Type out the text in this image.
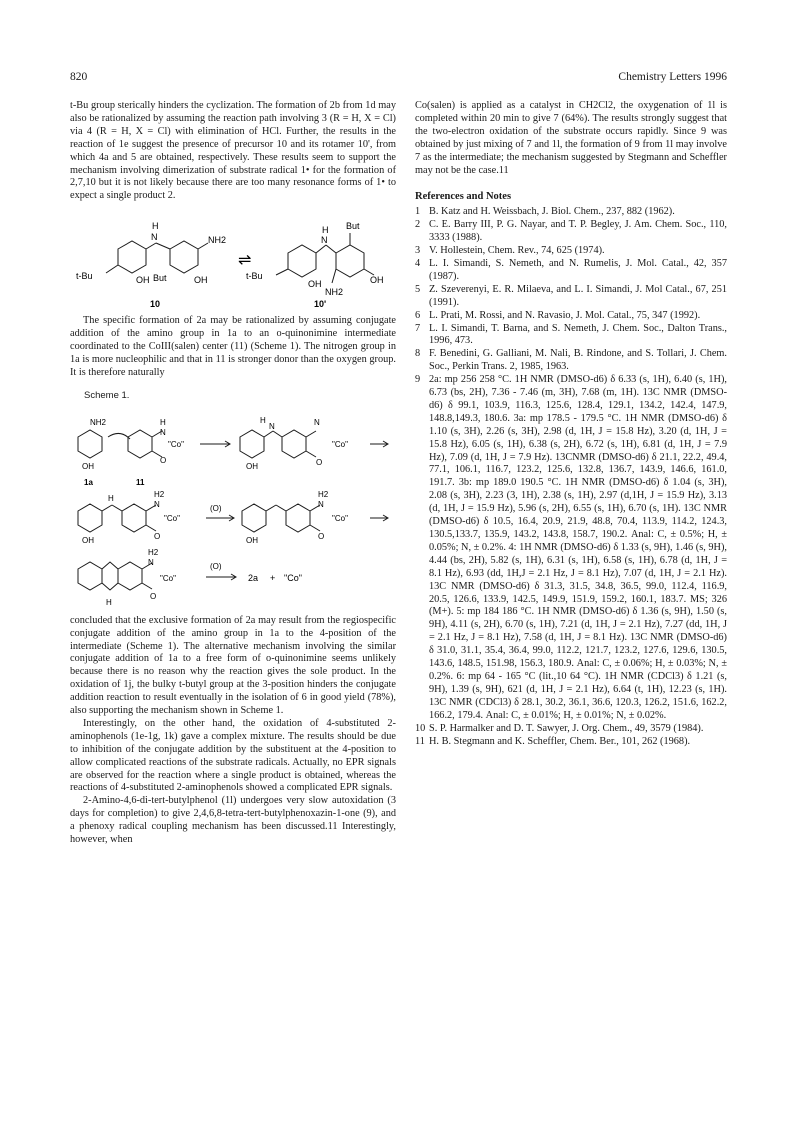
820	Chemistry Letters 1996

t-Bu group sterically hinders the cyclization. The formation of 2b from 1d may also be rationalized by assuming the reaction path involving 3 (R = H, X = Cl) via 4 (R = H, X = Cl) with elimination of HCl. Further, the results in the reaction of 1e suggest the presence of precursor 10 and its rotamer 10', from which 4a and 5 are obtained, respectively. These results seem to support the mechanism involving dimerization of substrate radical 1• for the formation of 2,7,10 but it is not likely because there are too many resonance forms of 1• to expect a single product 2.

H
N	NH2
t-Bu	OH But	OH
⇌
H
N
But
t-Bu
OH	OH
NH2
10	10'

The specific formation of 2a may be rationalized by assuming conjugate addition of the amino group in 1a to an o-quinonimine intermediate coordinated to the CoIII(salen) center (11) (Scheme 1). The nitrogen group in 1a is more nucleophilic and that in 11 is stronger donor than the oxygen group. It is therefore naturally

Scheme 1.
NH2
OH
H
N
"Co"
O
1a	11
H
N	N
"Co"
OH	O
H	H2
N
"Co"
OH	O
(O)
H2
N
"Co"
OH	O
H2
N
"Co"
O
H
(O)
2a + "Co"

concluded that the exclusive formation of 2a may result from the regiospecific conjugate addition of the amino group in 1a to the 4-position of the intermediate (Scheme 1). The alternative mechanism involving the similar conjugate addition of 1a to a free form of o-quinonimine seems unlikely because there is no reason why the reaction gives the sole product. In the oxidation of 1j, the bulky t-butyl group at the 3-position hinders the conjugate addition reaction to result eventually in the isolation of 6 in good yield (78%), also supporting the mechanism shown in Scheme 1.

Interestingly, on the other hand, the oxidation of 4-substituted 2-aminophenols (1e-1g, 1k) gave a complex mixture. The results should be due to inhibition of the conjugate addition by the substituent at the 4-position to allow complicated reactions of the substrate radicals. Actually, no EPR signals are observed for the reaction where a single product is obtained, whereas the reactions of 4-substituted 2-aminophenols showed a complicated EPR signals.

2-Amino-4,6-di-tert-butylphenol (1l) undergoes very slow autoxidation (3 days for completion) to give 2,4,6,8-tetra-tert-butylphenoxazin-1-one (9), and a phenoxy radical coupling mechanism has been discussed.11 Interestingly, however, when

Co(salen) is applied as a catalyst in CH2Cl2, the oxygenation of 1l is completed within 20 min to give 7 (64%). The results strongly suggest that the two-electron oxidation of the substrate occurs rapidly. Since 9 was obtained by just mixing of 7 and 1l, the formation of 9 from 1l may involve 7 as the intermediate; the mechanism suggested by Stegmann and Scheffler may not be the case.11

References and Notes

1 B. Katz and H. Weissbach, J. Biol. Chem., 237, 882 (1962).

2 C. E. Barry III, P. G. Nayar, and T. P. Begley, J. Am. Chem. Soc., 110, 3333 (1988).

3 V. Hollestein, Chem. Rev., 74, 625 (1974).

4 L. I. Simandi, S. Nemeth, and N. Rumelis, J. Mol. Catal., 42, 357 (1987).

5 Z. Szeverenyi, E. R. Milaeva, and L. I. Simandi, J. Mol Catal., 67, 251 (1991).

6 L. Prati, M. Rossi, and N. Ravasio, J. Mol. Catal., 75, 347 (1992).

7 L. I. Simandi, T. Barna, and S. Nemeth, J. Chem. Soc., Dalton Trans., 1996, 473.

8 F. Benedini, G. Galliani, M. Nali, B. Rindone, and S. Tollari, J. Chem. Soc., Perkin Trans. 2, 1985, 1963.

9 2a: mp 256 258 °C. 1H NMR (DMSO-d6) δ 6.33 (s, 1H), 6.40 (s, 1H), 6.73 (bs, 2H), 7.36 - 7.46 (m, 3H), 7.68 (m, 1H). 13C NMR (DMSO-d6) δ 99.1, 103.9, 116.3, 125.6, 128.4, 129.1, 134.2, 142.4, 147.9, 148.8,149.3, 180.6. 3a: mp 178.5 - 179.5 °C. 1H NMR (DMSO-d6) δ 1.10 (s, 3H), 2.26 (s, 3H), 2.98 (d, 1H, J = 15.8 Hz), 3.20 (d, 1H, J = 15.8 Hz), 6.05 (s, 1H), 6.38 (s, 2H), 6.72 (s, 1H), 6.81 (d, 1H, J = 7.9 Hz), 7.09 (d, 1H, J = 7.9 Hz). 13CNMR (DMSO-d6) δ 21.1, 22.2, 49.4, 77.1, 106.1, 116.7, 123.2, 125.6, 132.8, 136.7, 143.9, 146.6, 161.0, 191.7. 3b: mp 189.0 190.5 °C. 1H NMR (DMSO-d6) δ 1.04 (s, 3H), 2.08 (s, 3H), 2.23 (3, 1H), 2.38 (s, 1H), 2.97 (d,1H, J = 15.9 Hz), 3.13 (d, 1H, J = 15.9 Hz), 5.96 (s, 2H), 6.55 (s, 1H), 6.70 (s, 1H). 13C NMR (DMSO-d6) δ 10.5, 16.4, 20.9, 21.9, 48.8, 70.4, 113.9, 114.2, 124.3, 130.5,133.7, 135.9, 143.2, 143.8, 158.7, 190.2. Anal: C, ± 0.5%; H, ± 0.05%; N, ± 0.2%. 4: 1H NMR (DMSO-d6) δ 1.33 (s, 9H), 1.46 (s, 9H), 4.44 (bs, 2H), 5.82 (s, 1H), 6.31 (s, 1H), 6.58 (s, 1H), 6.78 (d, 1H, J = 8.1 Hz), 6.93 (dd, 1H,J = 2.1 Hz, J = 8.1 Hz), 7.07 (d, 1H, J = 2.1 Hz). 13C NMR (DMSO-d6) δ 31.3, 31.5, 34.8, 36.5, 99.0, 112.4, 116.9, 20.5, 126.6, 133.9, 142.5, 149.9, 151.9, 159.2, 160.1, 183.7. MS; 326 (M+). 5: mp 184 186 °C. 1H NMR (DMSO-d6) δ 1.36 (s, 9H), 1.50 (s, 9H), 4.11 (s, 2H), 6.70 (s, 1H), 7.21 (d, 1H, J = 2.1 Hz), 7.27 (dd, 1H, J = 2.1 Hz, J = 8.1 Hz), 7.58 (d, 1H, J = 8.1 Hz). 13C NMR (DMSO-d6) δ 31.0, 31.1, 35.4, 36.4, 99.0, 112.2, 121.7, 123.2, 127.6, 129.6, 130.5, 143.6, 148.5, 151.98, 156.3, 180.9. Anal: C, ± 0.06%; H, ± 0.03%; N, ± 0.2%. 6: mp 64 - 165 °C (lit.,10 64 °C). 1H NMR (CDCl3) δ 1.21 (s, 9H), 1.39 (s, 9H), 621 (d, 1H, J = 2.1 Hz), 6.64 (t, 1H), 12.23 (s, 1H). 13C NMR (CDCl3) δ 28.1, 30.2, 36.1, 36.6, 120.3, 126.2, 151.6, 162.2, 166.2, 179.4. Anal: C, ± 0.01%; H, ± 0.01%; N, ± 0.02%.

10 S. P. Harmalker and D. T. Sawyer, J. Org. Chem., 49, 3579 (1984).

11 H. B. Stegmann and K. Scheffler, Chem. Ber., 101, 262 (1968).
